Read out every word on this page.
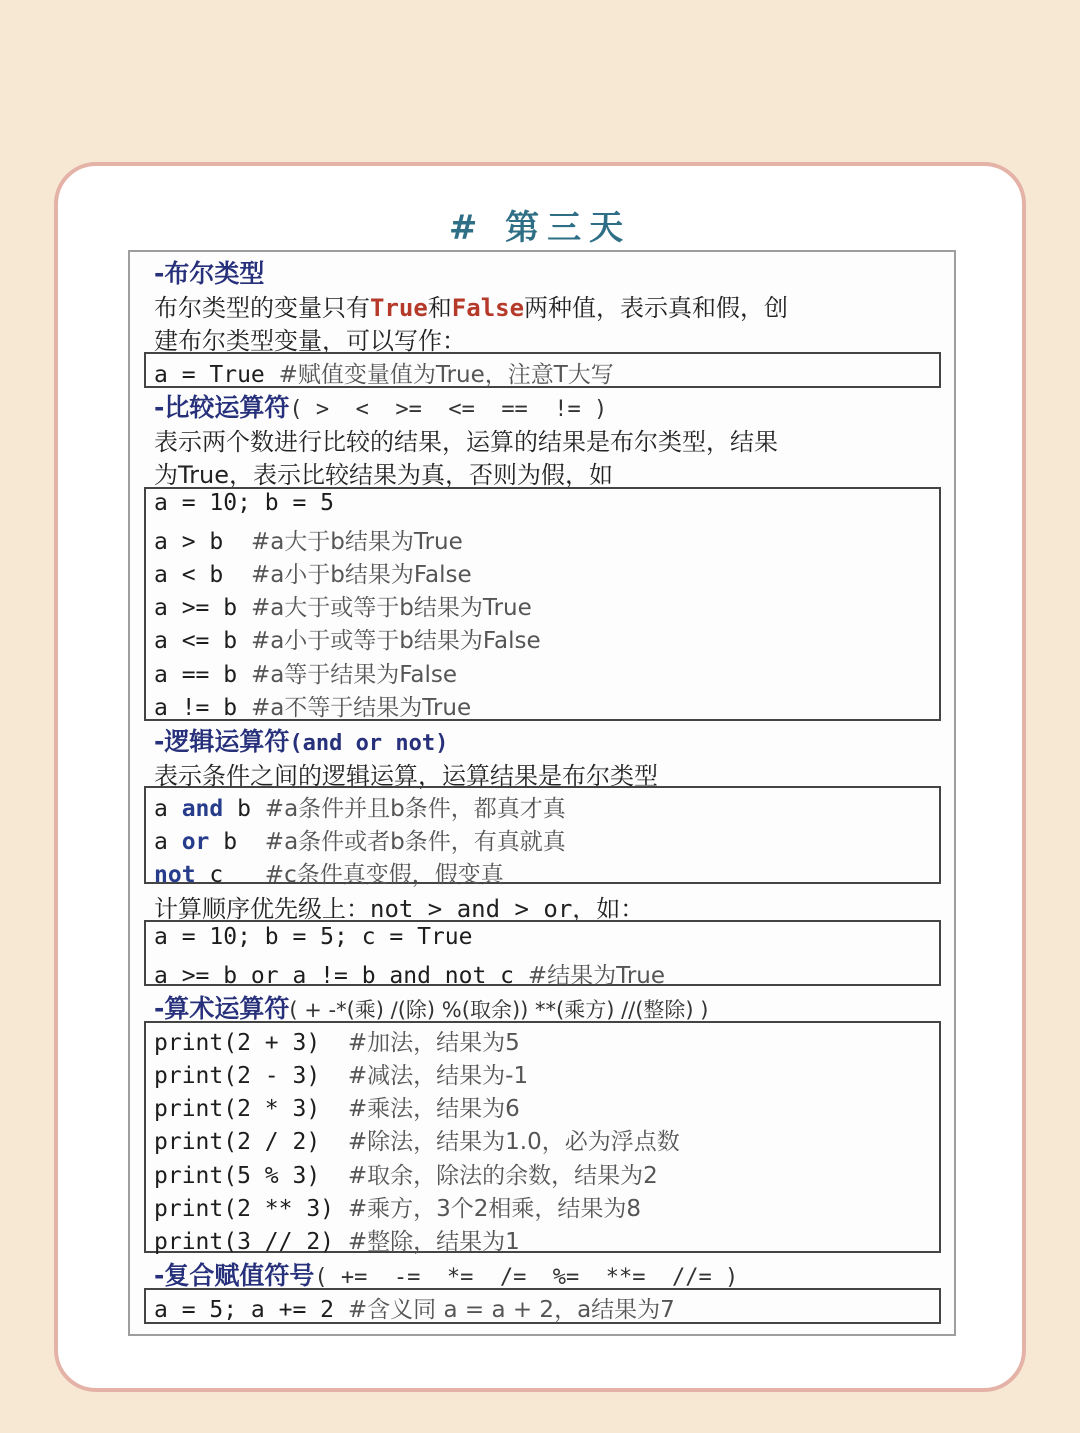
# 第三天
-布尔类型
布尔类型的变量只有True和False两种值，表示真和假，创
建布尔类型变量，可以写作：
a = True #赋值变量值为True，注意T大写
-比较运算符( >  <  >=  <=  ==  != )
表示两个数进行比较的结果，运算的结果是布尔类型，结果
为True，表示比较结果为真，否则为假，如
a = 10; b = 5
a > b  #a大于b结果为True
a < b  #a小于b结果为False
a >= b #a大于或等于b结果为True
a <= b #a小于或等于b结果为False
a == b #a等于结果为False
a != b #a不等于结果为True
-逻辑运算符(and or not)
表示条件之间的逻辑运算，运算结果是布尔类型
a and b #a条件并且b条件，都真才真
a or b  #a条件或者b条件，有真就真
not c   #c条件真变假，假变真
计算顺序优先级上：not > and > or，如：
a = 10; b = 5; c = True
a >= b or a != b and not c #结果为True
-算术运算符( + -*(乘) /(除) %(取余)) **(乘方) //(整除) )
print(2 + 3)  #加法，结果为5
print(2 - 3)  #减法，结果为-1
print(2 * 3)  #乘法，结果为6
print(2 / 2)  #除法，结果为1.0，必为浮点数
print(5 % 3)  #取余，除法的余数，结果为2
print(2 ** 3) #乘方，3个2相乘，结果为8
print(3 // 2) #整除，结果为1
-复合赋值符号( +=  -=  *=  /=  %=  **=  //= )
a = 5; a += 2 #含义同 a = a + 2，a结果为7
